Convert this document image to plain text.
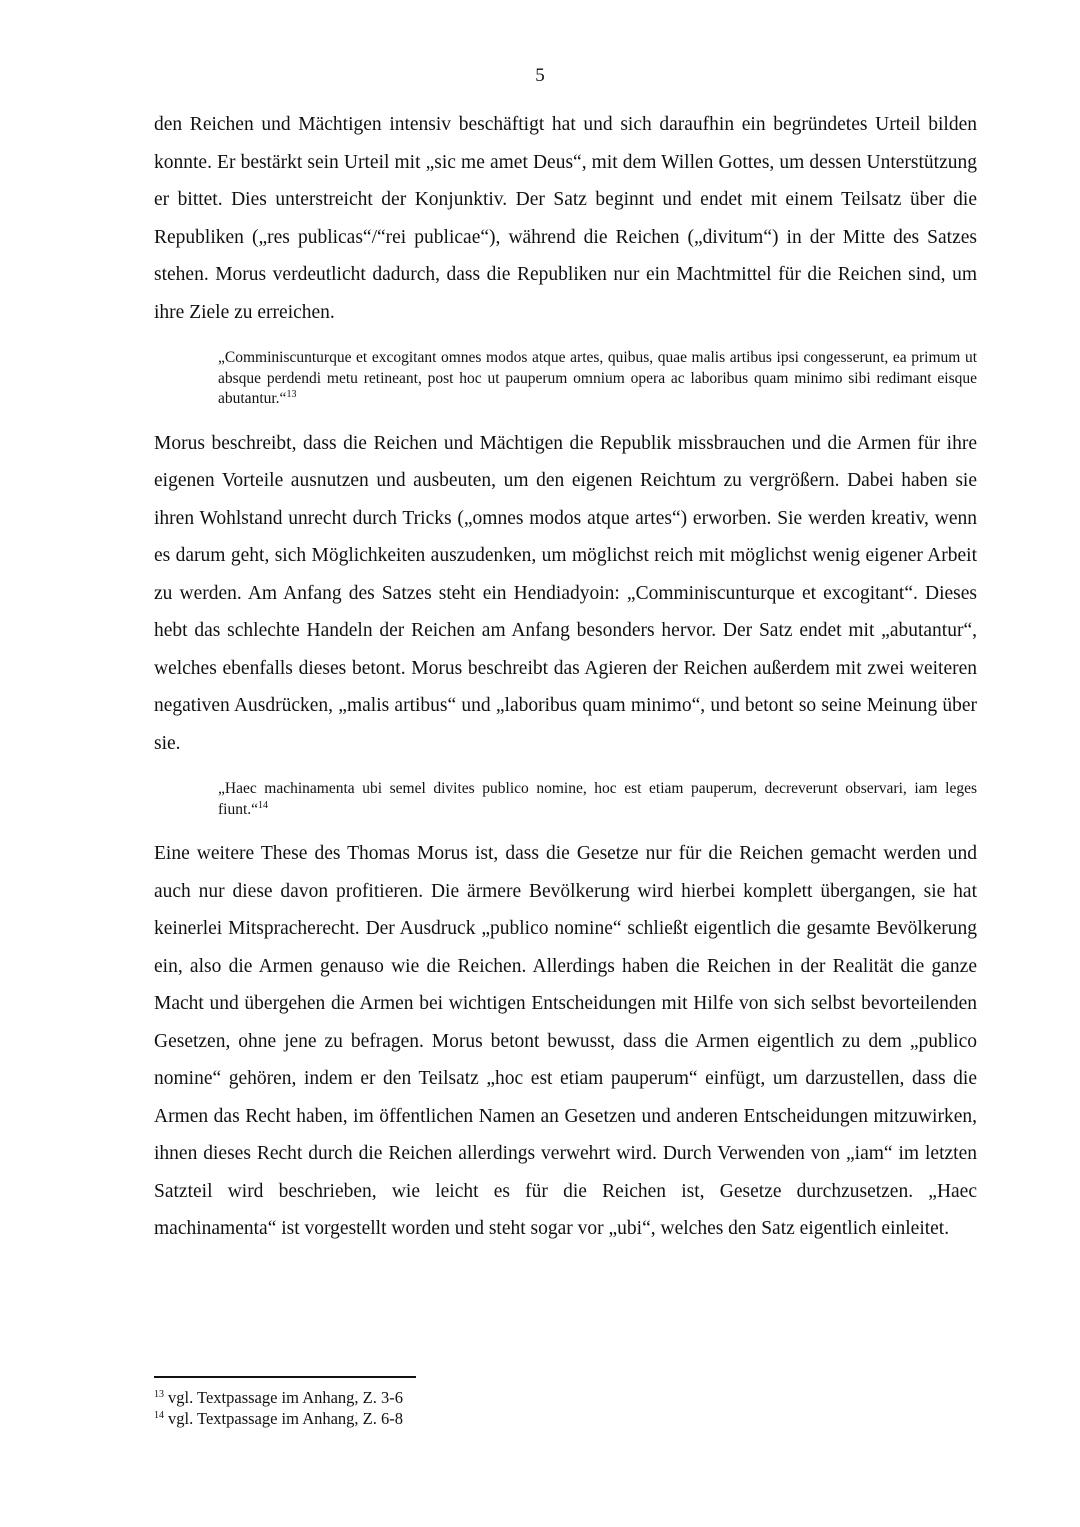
5

den Reichen und Mächtigen intensiv beschäftigt hat und sich daraufhin ein begründetes Urteil bilden konnte. Er bestärkt sein Urteil mit „sic me amet Deus“, mit dem Willen Gottes, um dessen Unterstützung er bittet. Dies unterstreicht der Konjunktiv. Der Satz beginnt und endet mit einem Teilsatz über die Republiken („res publicas“/“rei publicae“), während die Reichen („divitum“) in der Mitte des Satzes stehen. Morus verdeutlicht dadurch, dass die Republiken nur ein Machtmittel für die Reichen sind, um ihre Ziele zu erreichen.

„Comminiscunturque et excogitant omnes modos atque artes, quibus, quae malis artibus ipsi congesserunt, ea primum ut absque perdendi metu retineant, post hoc ut pauperum omnium opera ac laboribus quam minimo sibi redimant eisque abutantur.“$^{13}$

Morus beschreibt, dass die Reichen und Mächtigen die Republik missbrauchen und die Armen für ihre eigenen Vorteile ausnutzen und ausbeuten, um den eigenen Reichtum zu vergrößern. Dabei haben sie ihren Wohlstand unrecht durch Tricks („omnes modos atque artes“) erworben. Sie werden kreativ, wenn es darum geht, sich Möglichkeiten auszudenken, um möglichst reich mit möglichst wenig eigener Arbeit zu werden. Am Anfang des Satzes steht ein Hendiadyoin: „Comminiscunturque et excogitant“. Dieses hebt das schlechte Handeln der Reichen am Anfang besonders hervor. Der Satz endet mit „abutantur“, welches ebenfalls dieses betont. Morus beschreibt das Agieren der Reichen außerdem mit zwei weiteren negativen Ausdrücken, „malis artibus“ und „laboribus quam minimo“, und betont so seine Meinung über sie.

„Haec machinamenta ubi semel divites publico nomine, hoc est etiam pauperum, decreverunt observari, iam leges fiunt.“$^{14}$

Eine weitere These des Thomas Morus ist, dass die Gesetze nur für die Reichen gemacht werden und auch nur diese davon profitieren. Die ärmere Bevölkerung wird hierbei komplett übergangen, sie hat keinerlei Mitspracherecht. Der Ausdruck „publico nomine“ schließt eigentlich die gesamte Bevölkerung ein, also die Armen genauso wie die Reichen. Allerdings haben die Reichen in der Realität die ganze Macht und übergehen die Armen bei wichtigen Entscheidungen mit Hilfe von sich selbst bevorteilenden Gesetzen, ohne jene zu befragen. Morus betont bewusst, dass die Armen eigentlich zu dem „publico nomine“ gehören, indem er den Teilsatz „hoc est etiam pauperum“ einfügt, um darzustellen, dass die Armen das Recht haben, im öffentlichen Namen an Gesetzen und anderen Entscheidungen mitzuwirken, ihnen dieses Recht durch die Reichen allerdings verwehrt wird. Durch Verwenden von „iam“ im letzten Satzteil wird beschrieben, wie leicht es für die Reichen ist, Gesetze durchzusetzen. „Haec machinamenta“ ist vorgestellt worden und steht sogar vor „ubi“, welches den Satz eigentlich einleitet.

$^{13}$ vgl. Textpassage im Anhang, Z. 3-6

$^{14}$ vgl. Textpassage im Anhang, Z. 6-8
